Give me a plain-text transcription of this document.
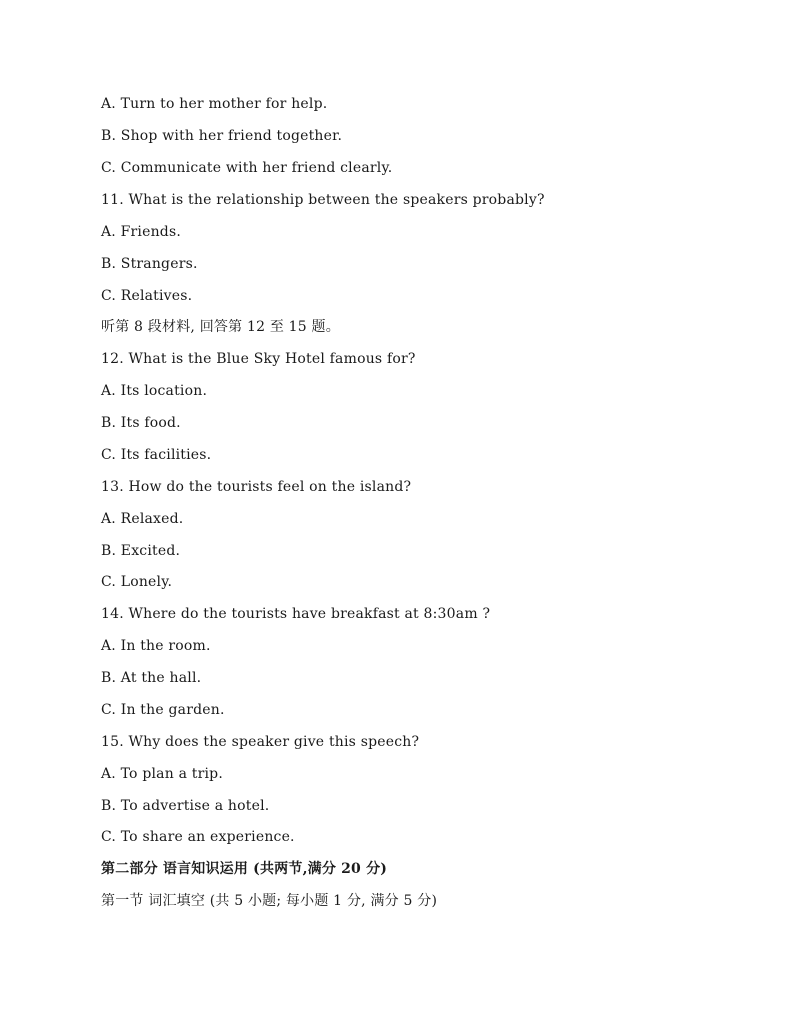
A. Turn to her mother for help.
B. Shop with her friend together.
C. Communicate with her friend clearly.
11. What is the relationship between the speakers probably?
A. Friends.
B. Strangers.
C. Relatives.
听第 8 段材料, 回答第 12 至 15 题。
12. What is the Blue Sky Hotel famous for?
A. Its location.
B. Its food.
C. Its facilities.
13. How do the tourists feel on the island?
A. Relaxed.
B. Excited.
C. Lonely.
14. Where do the tourists have breakfast at 8:30am ?
A. In the room.
B. At the hall.
C. In the garden.
15. Why does the speaker give this speech?
A. To plan a trip.
B. To advertise a hotel.
C. To share an experience.
第二部分 语言知识运用 (共两节,满分 20 分)
第一节 词汇填空 (共 5 小题; 每小题 1 分, 满分 5 分)
